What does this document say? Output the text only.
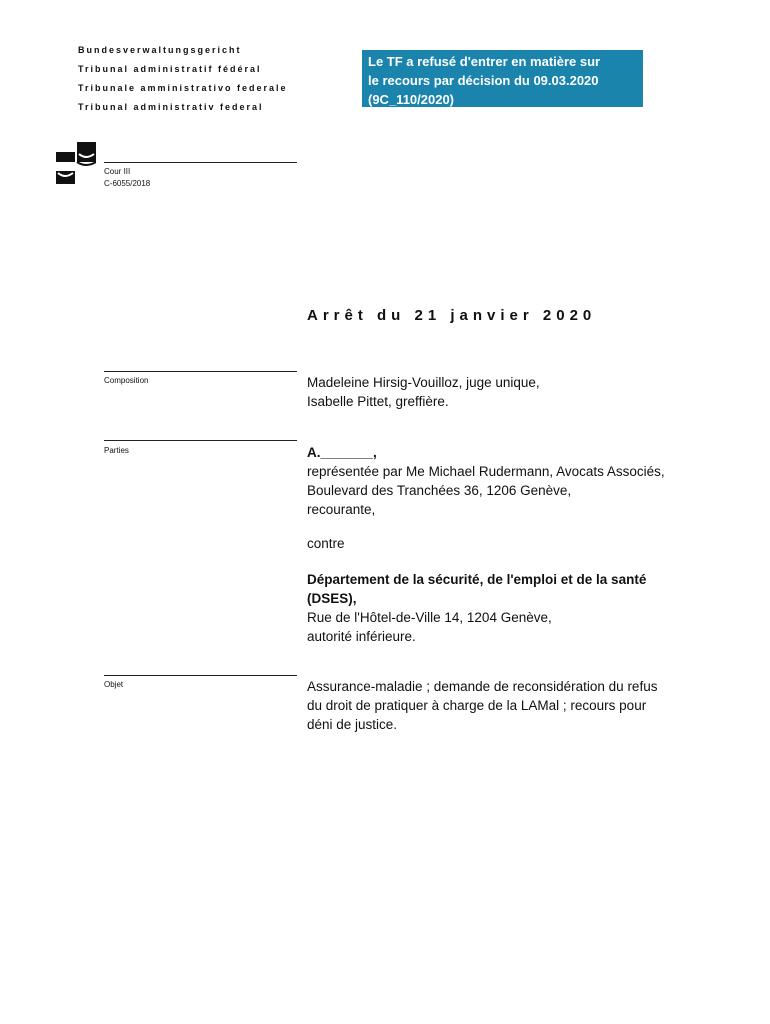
Bundesverwaltungsgericht
Tribunal administratif fédéral
Tribunale amministrativo federale
Tribunal administrativ federal
Le TF a refusé d'entrer en matière sur
le recours par décision du 09.03.2020
(9C_110/2020)
Cour III
C-6055/2018
Arrêt du 21 janvier 2020
Composition	Madeleine Hirsig-Vouilloz, juge unique,
Isabelle Pittet, greffière.
Parties	A._______,
représentée par Me Michael Rudermann, Avocats Associés,
Boulevard des Tranchées 36, 1206 Genève,
recourante,
contre
Département de la sécurité, de l'emploi et de la santé
(DSES),
Rue de l'Hôtel-de-Ville 14, 1204 Genève,
autorité inférieure.
Objet	Assurance-maladie ; demande de reconsidération du refus
du droit de pratiquer à charge de la LAMal ; recours pour
déni de justice.
